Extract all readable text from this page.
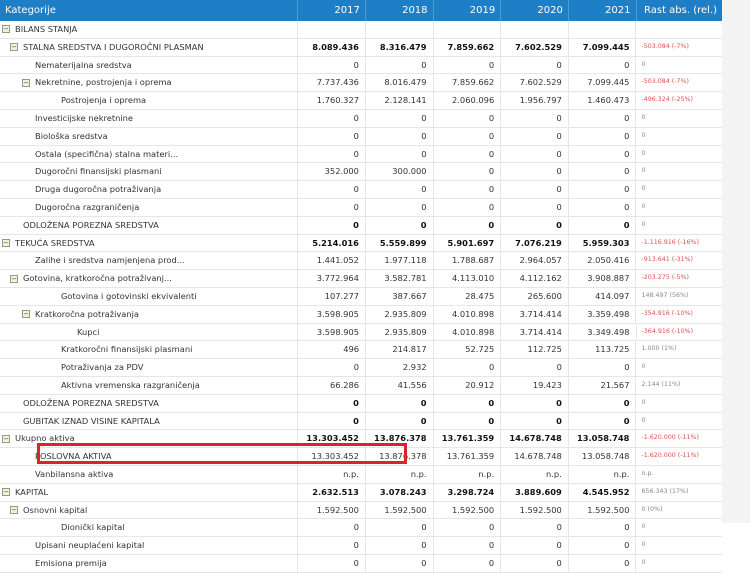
Kategorije	2017	2018	2019	2020	2021	Rast abs. (rel.)
− BILANS STANJA
− STALNA SREDSTVA I DUGOROČNI PLASMAN	8.089.436	8.316.479	7.859.662	7.602.529	7.099.445	-503.084 (-7%)
Nematerijalna sredstva	0	0	0	0	0	0
− Nekretnine, postrojenja i oprema	7.737.436	8.016.479	7.859.662	7.602.529	7.099.445	-503.084 (-7%)
Postrojenja i oprema	1.760.327	2.128.141	2.060.096	1.956.797	1.460.473	-496.324 (-25%)
Investicijske nekretnine	0	0	0	0	0	0
Biološka sredstva	0	0	0	0	0	0
Ostala (specifična) stalna materi...	0	0	0	0	0	0
Dugoročni finansijski plasmani	352.000	300.000	0	0	0	0
Druga dugoročna potraživanja	0	0	0	0	0	0
Dugoročna razgraničenja	0	0	0	0	0	0
ODLOŽENA PORЕZNA SREDSTVA	0	0	0	0	0	0
− TEKUĆA SREDSTVA	5.214.016	5.559.899	5.901.697	7.076.219	5.959.303	-1.116.916 (-16%)
Zalihe i sredstva namjenjena prod...	1.441.052	1.977.118	1.788.687	2.964.057	2.050.416	-913.641 (-31%)
− Gotovina, kratkoročna potraživanj...	3.772.964	3.582.781	4.113.010	4.112.162	3.908.887	-203.275 (-5%)
Gotovina i gotovinski ekvivalenti	107.277	387.667	28.475	265.600	414.097	148.497 (56%)
− Kratkoročna potraživanja	3.598.905	2.935.809	4.010.898	3.714.414	3.359.498	-354.916 (-10%)
Kupci	3.598.905	2.935.809	4.010.898	3.714.414	3.349.498	-364.916 (-10%)
Kratkoročni finansijski plasmani	496	214.817	52.725	112.725	113.725	1.000 (1%)
Potraživanja za PDV	0	2.932	0	0	0	0
Aktivna vremenska razgraničenja	66.286	41.556	20.912	19.423	21.567	2.144 (11%)
ODLOŽENA PORЕZNA SREDSTVA	0	0	0	0	0	0
GUBITAK IZNAD VISINE KAPITALA	0	0	0	0	0	0
− Ukupno aktiva	13.303.452	13.876.378	13.761.359	14.678.748	13.058.748	-1.620.000 (-11%)
POSLOVNA AKTIVA	13.303.452	13.876.378	13.761.359	14.678.748	13.058.748	-1.620.000 (-11%)
Vanbilansna aktiva	n.p.	n.p.	n.p.	n.p.	n.p.	n.p.
− KAPITAL	2.632.513	3.078.243	3.298.724	3.889.609	4.545.952	656.343 (17%)
− Osnovni kapital	1.592.500	1.592.500	1.592.500	1.592.500	1.592.500	0 (0%)
Dionički kapital	0	0	0	0	0	0
Upisani neuplaćeni kapital	0	0	0	0	0	0
Emisiona premija	0	0	0	0	0	0
